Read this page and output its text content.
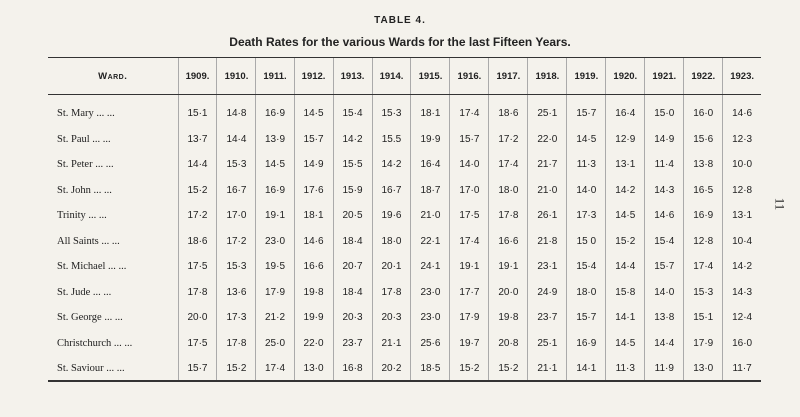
TABLE 4.
Death Rates for the various Wards for the last Fifteen Years.
11
Ward.	1909.	1910.	1911.	1912.	1913.	1914.	1915.	1916.	1917.	1918.	1919.	1920.	1921.	1922.	1923.
St. Mary ... ...	15·1	14·8	16·9	14·5	15·4	15·3	18·1	17·4	18·6	25·1	15·7	16·4	15·0	16·0	14·6
St. Paul ... ...	13·7	14·4	13·9	15·7	14·2	15.5	19·9	15·7	17·2	22·0	14·5	12·9	14·9	15·6	12·3
St. Peter ... ...	14·4	15·3	14·5	14·9	15·5	14·2	16·4	14·0	17·4	21·7	11·3	13·1	11·4	13·8	10·0
St. John ... ...	15·2	16·7	16·9	17·6	15·9	16·7	18·7	17·0	18·0	21·0	14·0	14·2	14·3	16·5	12·8
Trinity ... ...	17·2	17·0	19·1	18·1	20·5	19·6	21·0	17·5	17·8	26·1	17·3	14·5	14·6	16·9	13·1
All Saints ... ...	18·6	17·2	23·0	14·6	18·4	18·0	22·1	17·4	16·6	21·8	15 0	15·2	15·4	12·8	10·4
St. Michael ... ...	17·5	15·3	19·5	16·6	20·7	20·1	24·1	19·1	19·1	23·1	15·4	14·4	15·7	17·4	14·2
St. Jude ... ...	17·8	13·6	17·9	19·8	18·4	17·8	23·0	17·7	20·0	24·9	18·0	15·8	14·0	15·3	14·3
St. George ... ...	20·0	17·3	21·2	19·9	20·3	20·3	23·0	17·9	19·8	23·7	15·7	14·1	13·8	15·1	12·4
Christchurch ... ...	17·5	17·8	25·0	22·0	23·7	21·1	25·6	19·7	20·8	25·1	16·9	14·5	14·4	17·9	16·0
St. Saviour ... ...	15·7	15·2	17·4	13·0	16·8	20·2	18·5	15·2	15·2	21·1	14·1	11·3	11·9	13·0	11·7
